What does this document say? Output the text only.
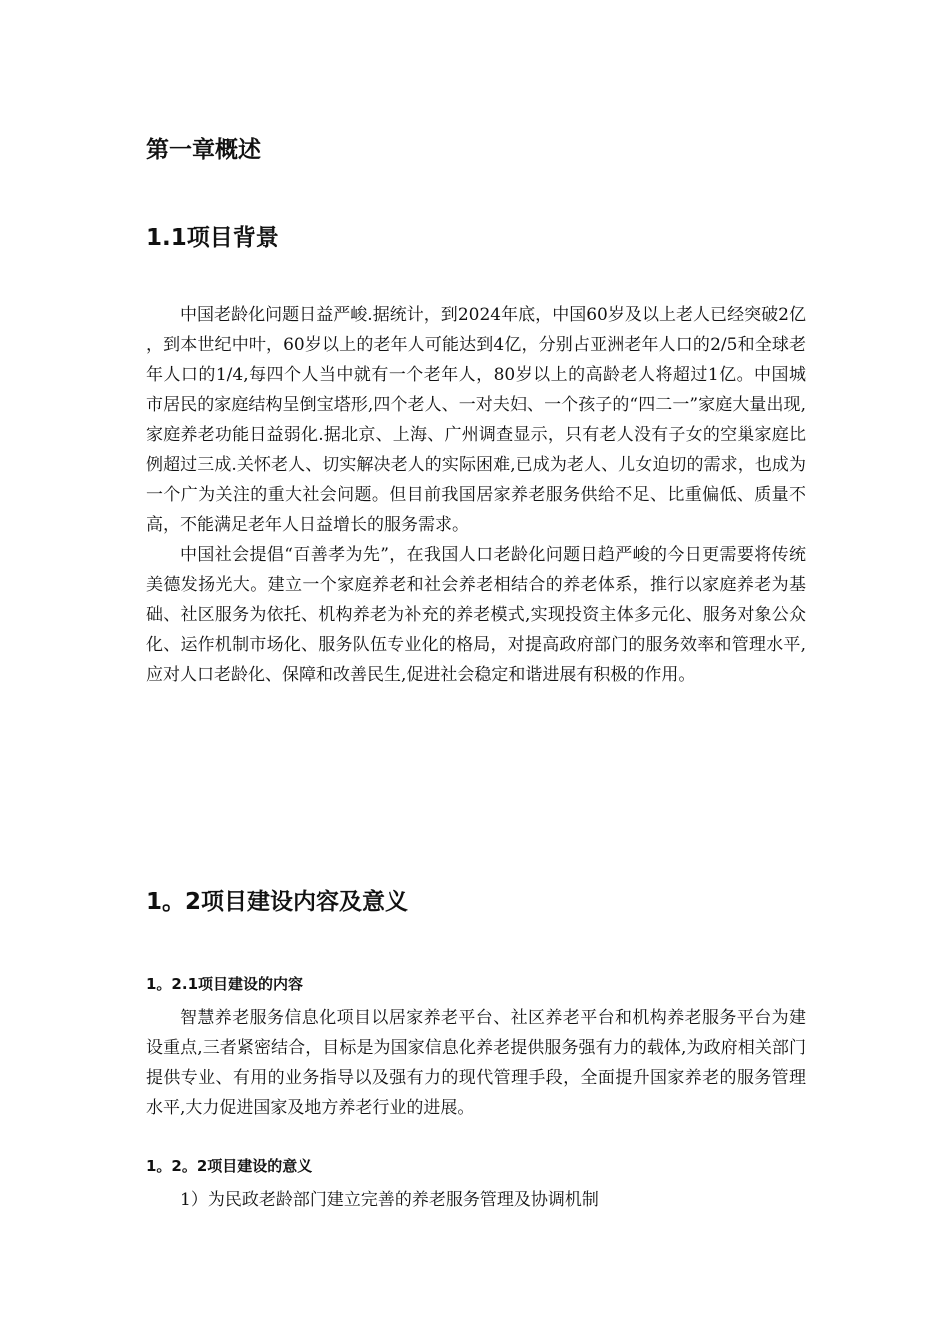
第一章概述
1.1项目背景

中国老龄化问题日益严峻.据统计，到2024年底，中国60岁及以上老人已经突破2亿，到本世纪中叶，60岁以上的老年人可能达到4亿，分别占亚洲老年人口的2/5和全球老年人口的1/4,每四个人当中就有一个老年人，80岁以上的高龄老人将超过1亿。中国城市居民的家庭结构呈倒宝塔形,四个老人、一对夫妇、一个孩子的“四二一”家庭大量出现,家庭养老功能日益弱化.据北京、上海、广州调查显示，只有老人没有子女的空巢家庭比例超过三成.关怀老人、切实解决老人的实际困难,已成为老人、儿女迫切的需求，也成为一个广为关注的重大社会问题。但目前我国居家养老服务供给不足、比重偏低、质量不高，不能满足老年人日益增长的服务需求。

中国社会提倡“百善孝为先”，在我国人口老龄化问题日趋严峻的今日更需要将传统美德发扬光大。建立一个家庭养老和社会养老相结合的养老体系，推行以家庭养老为基础、社区服务为依托、机构养老为补充的养老模式,实现投资主体多元化、服务对象公众化、运作机制市场化、服务队伍专业化的格局，对提高政府部门的服务效率和管理水平,应对人口老龄化、保障和改善民生,促进社会稳定和谐进展有积极的作用。

1。2项目建设内容及意义
1。2.1项目建设的内容

智慧养老服务信息化项目以居家养老平台、社区养老平台和机构养老服务平台为建设重点,三者紧密结合，目标是为国家信息化养老提供服务强有力的载体,为政府相关部门提供专业、有用的业务指导以及强有力的现代管理手段，全面提升国家养老的服务管理水平,大力促进国家及地方养老行业的进展。

1。2。2项目建设的意义
1）为民政老龄部门建立完善的养老服务管理及协调机制
